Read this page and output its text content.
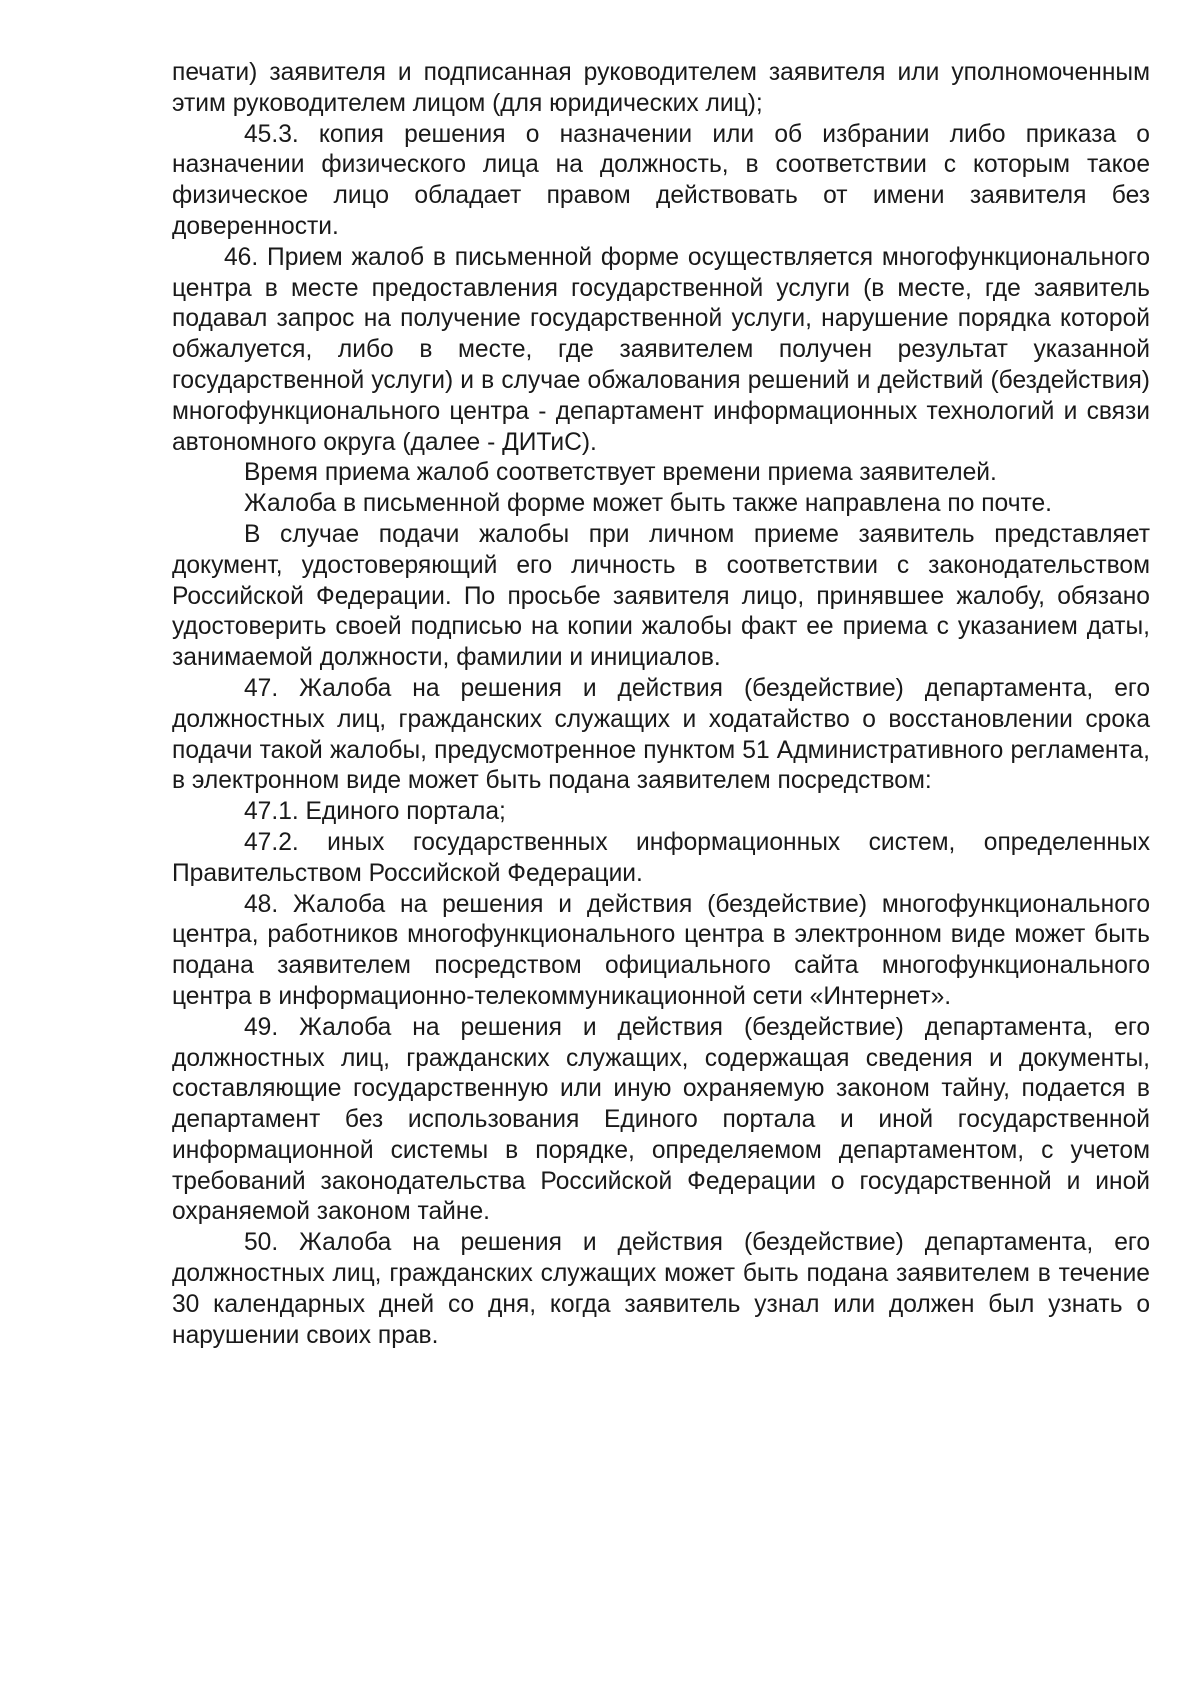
печати) заявителя и подписанная руководителем заявителя или уполномоченным этим руководителем лицом (для юридических лиц);

45.3. копия решения о назначении или об избрании либо приказа о назначении физического лица на должность, в соответствии с которым такое физическое лицо обладает правом действовать от имени заявителя без доверенности.

46. Прием жалоб в письменной форме осуществляется многофункционального центра в месте предоставления государственной услуги (в месте, где заявитель подавал запрос на получение государственной услуги, нарушение порядка которой обжалуется, либо в месте, где заявителем получен результат указанной государственной услуги) и в случае обжалования решений и действий (бездействия) многофункционального центра - департамент информационных технологий и связи автономного округа (далее - ДИТиС).

Время приема жалоб соответствует времени приема заявителей.

Жалоба в письменной форме может быть также направлена по почте.

В случае подачи жалобы при личном приеме заявитель представляет документ, удостоверяющий его личность в соответствии с законодательством Российской Федерации. По просьбе заявителя лицо, принявшее жалобу, обязано удостоверить своей подписью на копии жалобы факт ее приема с указанием даты, занимаемой должности, фамилии и инициалов.

47. Жалоба на решения и действия (бездействие) департамента, его должностных лиц, гражданских служащих и ходатайство о восстановлении срока подачи такой жалобы, предусмотренное пунктом 51 Административного регламента, в электронном виде может быть подана заявителем посредством:

47.1. Единого портала;

47.2. иных государственных информационных систем, определенных Правительством Российской Федерации.

48. Жалоба на решения и действия (бездействие) многофункционального центра, работников многофункционального центра в электронном виде может быть подана заявителем посредством официального сайта многофункционального центра в информационно-телекоммуникационной сети «Интернет».

49. Жалоба на решения и действия (бездействие) департамента, его должностных лиц, гражданских служащих, содержащая сведения и документы, составляющие государственную или иную охраняемую законом тайну, подается в департамент без использования Единого портала и иной государственной информационной системы в порядке, определяемом департаментом, с учетом требований законодательства Российской Федерации о государственной и иной охраняемой законом тайне.

50. Жалоба на решения и действия (бездействие) департамента, его должностных лиц, гражданских служащих может быть подана заявителем в течение 30 календарных дней со дня, когда заявитель узнал или должен был узнать о нарушении своих прав.
